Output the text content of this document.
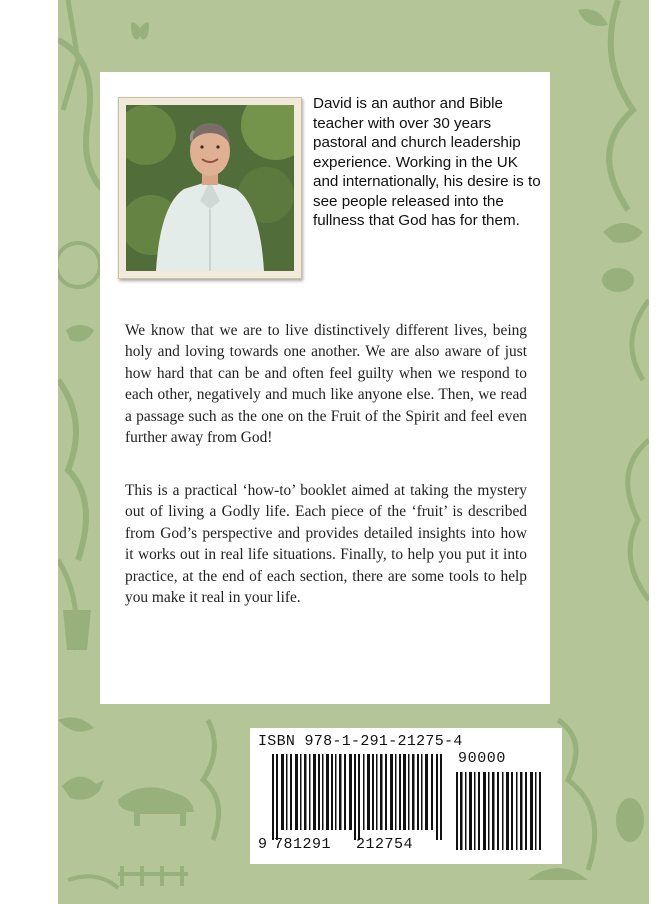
David is an author and Bible teacher with over 30 years pastoral and church leadership experience. Working in the UK and internationally, his desire is to see people released into the fullness that God has for them.

We know that we are to live distinctively different lives, being holy and loving towards one another. We are also aware of just how hard that can be and often feel guilty when we respond to each other, negatively and much like anyone else. Then, we read a passage such as the one on the Fruit of the Spirit and feel even further away from God!

This is a practical ‘how-to’ booklet aimed at taking the mystery out of living a Godly life. Each piece of the ‘fruit’ is described from God’s perspective and provides detailed insights into how it works out in real life situations. Finally, to help you put it into practice, at the end of each section, there are some tools to help you make it real in your life.

ISBN 978-1-291-21275-4
90000
9 781291 212754
